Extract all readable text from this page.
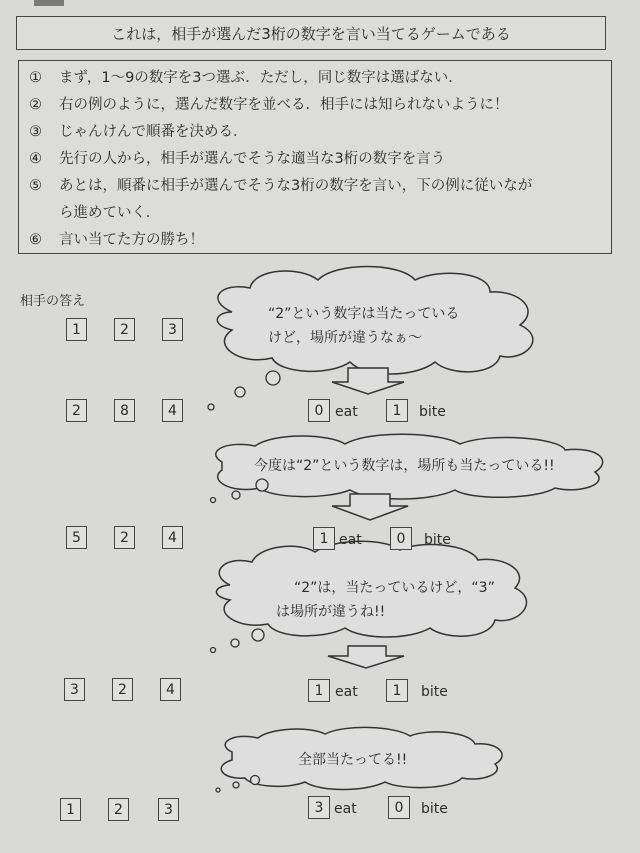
これは，相手が選んだ3桁の数字を言い当てるゲームである
①	まず，1～9の数字を3つ選ぶ．ただし，同じ数字は選ばない．
②	右の例のように，選んだ数字を並べる．相手には知られないように！
③	じゃんけんで順番を決める．
④	先行の人から，相手が選んでそうな適当な3桁の数字を言う
⑤	あとは，順番に相手が選んでそうな3桁の数字を言い，下の例に従いなが
ら進めていく．
⑥	言い当てた方の勝ち！
相手の答え
“2”という数字は当たっている
けど，場所が違うなぁ～
今度は“2”という数字は，場所も当たっている!!
“2”は，当たっているけど，“3”
は場所が違うね!!
全部当たってる!!
1	2	3
2	8	4	0 eat	1	bite
5	2	4	1 eat	0	bite
3	2	4	1 eat	1	bite
1	2	3	3 eat	0	bite
